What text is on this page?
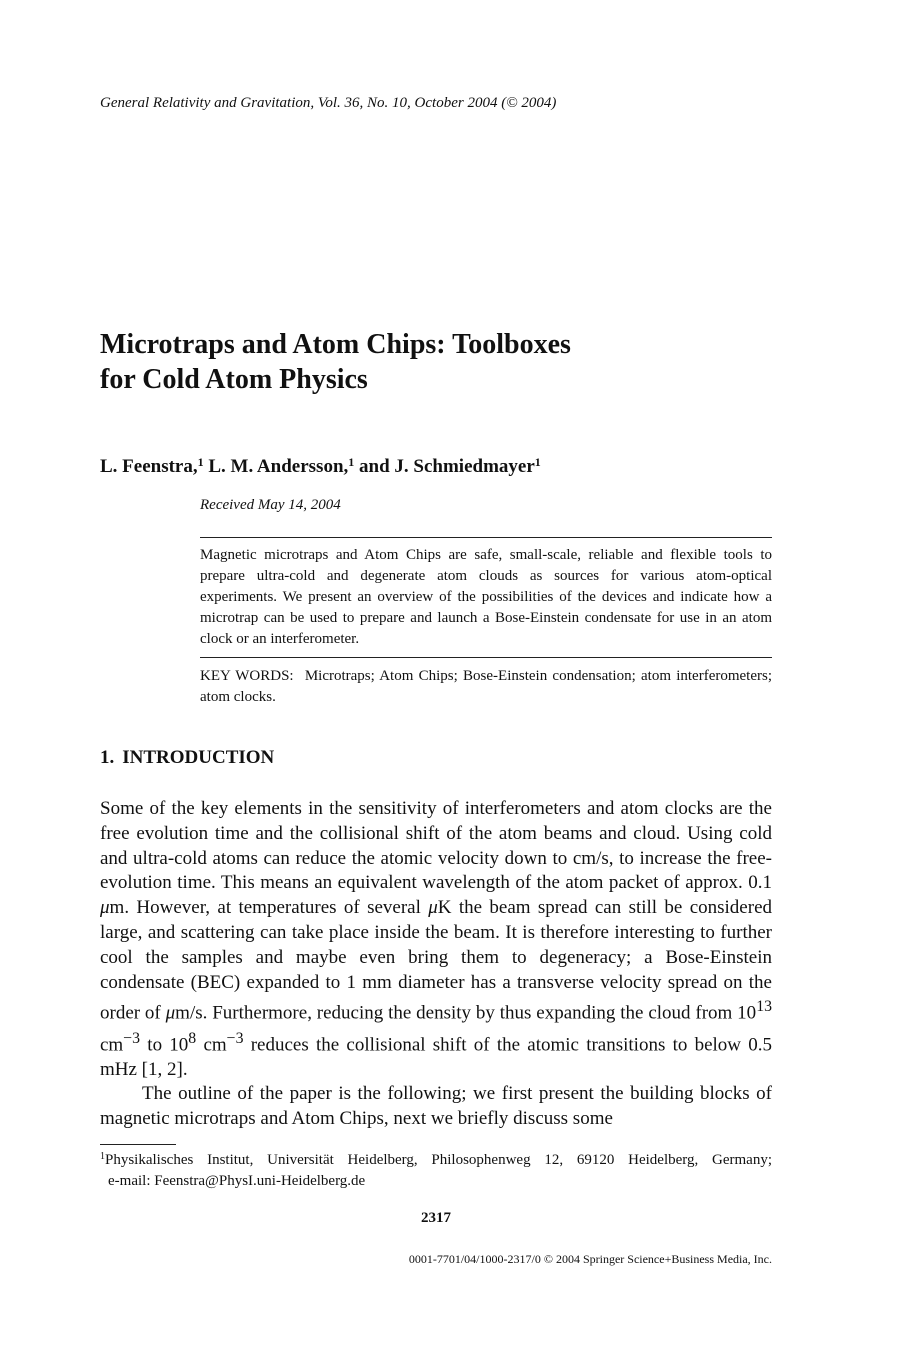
General Relativity and Gravitation, Vol. 36, No. 10, October 2004 (© 2004)
Microtraps and Atom Chips: Toolboxes
for Cold Atom Physics
L. Feenstra,$^1$ L. M. Andersson,$^1$ and J. Schmiedmayer$^1$
Received May 14, 2004

Magnetic microtraps and Atom Chips are safe, small-scale, reliable and flexible tools to prepare ultra-cold and degenerate atom clouds as sources for various atom-optical experiments. We present an overview of the possibilities of the devices and indicate how a microtrap can be used to prepare and launch a Bose-Einstein condensate for use in an atom clock or an interferometer.

KEY WORDS: Microtraps; Atom Chips; Bose-Einstein condensation; atom interferometers; atom clocks.

1. INTRODUCTION

Some of the key elements in the sensitivity of interferometers and atom clocks are the free evolution time and the collisional shift of the atom beams and cloud. Using cold and ultra-cold atoms can reduce the atomic velocity down to cm/s, to increase the free-evolution time. This means an equivalent wavelength of the atom packet of approx. 0.1 μm. However, at temperatures of several μK the beam spread can still be considered large, and scattering can take place inside the beam. It is therefore interesting to further cool the samples and maybe even bring them to degeneracy; a Bose-Einstein condensate (BEC) expanded to 1 mm diameter has a transverse velocity spread on the order of μm/s. Furthermore, reducing the density by thus expanding the cloud from $10^{13}$ $cm^{-3}$ to $10^8$ $cm^{-3}$ reduces the collisional shift of the atomic transitions to below 0.5 mHz [1, 2].

The outline of the paper is the following; we first present the building blocks of magnetic microtraps and Atom Chips, next we briefly discuss some

$^1$Physikalisches Institut, Universität Heidelberg, Philosophenweg 12, 69120 Heidelberg, Germany;
e-mail: Feenstra@PhysI.uni-Heidelberg.de

2317
0001-7701/04/1000-2317/0 © 2004 Springer Science+Business Media, Inc.
